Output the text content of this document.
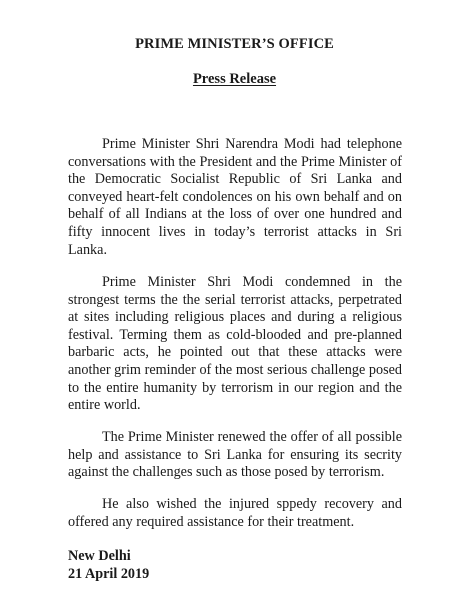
PRIME MINISTER’S OFFICE
Press Release

Prime Minister Shri Narendra Modi had telephone conversations with the President and the Prime Minister of the Democratic Socialist Republic of Sri Lanka and conveyed heart-felt condolences on his own behalf and on behalf of all Indians at the loss of over one hundred and fifty innocent lives in today’s terrorist attacks in Sri Lanka.

Prime Minister Shri Modi condemned in the strongest terms the the serial terrorist attacks, perpetrated at sites including religious places and during a religious festival. Terming them as cold-blooded and pre-planned barbaric acts, he pointed out that these attacks were another grim reminder of the most serious challenge posed to the entire humanity by terrorism in our region and the entire world.

The Prime Minister renewed the offer of all possible help and assistance to Sri Lanka for ensuring its secrity against the challenges such as those posed by terrorism.

He also wished the injured sppedy recovery and offered any required assistance for their treatment.

New Delhi
21 April 2019
